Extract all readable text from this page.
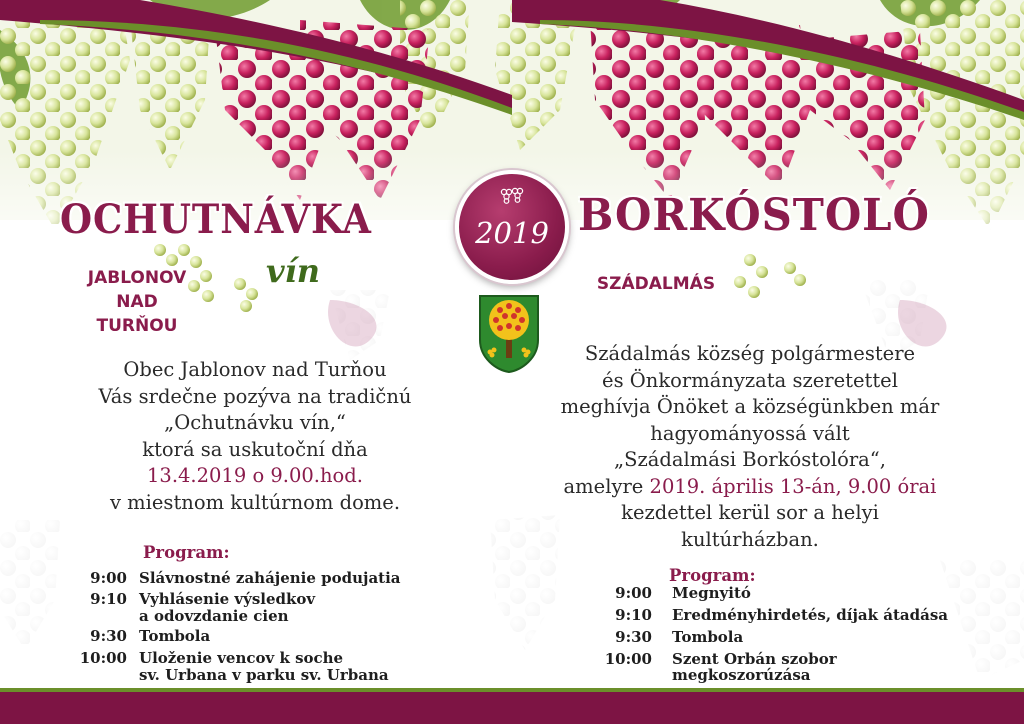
OCHUTNÁVKA
vín
JABLONOV
NAD
TURŇOU
2019 BORKÓSTOLÓ
SZÁDALMÁS
Obec Jablonov nad Turňou
Vás srdečne pozýva na tradičnú
„Ochutnávku vín,“
ktorá sa uskutoční dňa
13.4.2019 o 9.00.hod.
v miestnom kultúrnom dome.
Szádalmás község polgármestere
és Önkormányzata szeretettel
meghívja Önöket a községünkben már
hagyományossá vált
„Szádalmási Borkóstolóra“,
amelyre 2019. április 13-án, 9.00 órai
kezdettel kerül sor a helyi
kultúrházban.
Program:
9:00 Slávnostné zahájenie podujatia
9:10 Vyhlásenie výsledkov
a odovzdanie cien
9:30 Tombola
10:00 Uloženie vencov k soche
sv. Urbana v parku sv. Urbana
Program:
9:00 Megnyitó
9:10 Eredményhirdetés, díjak átadása
9:30 Tombola
10:00 Szent Orbán szobor
megkoszorúzása
